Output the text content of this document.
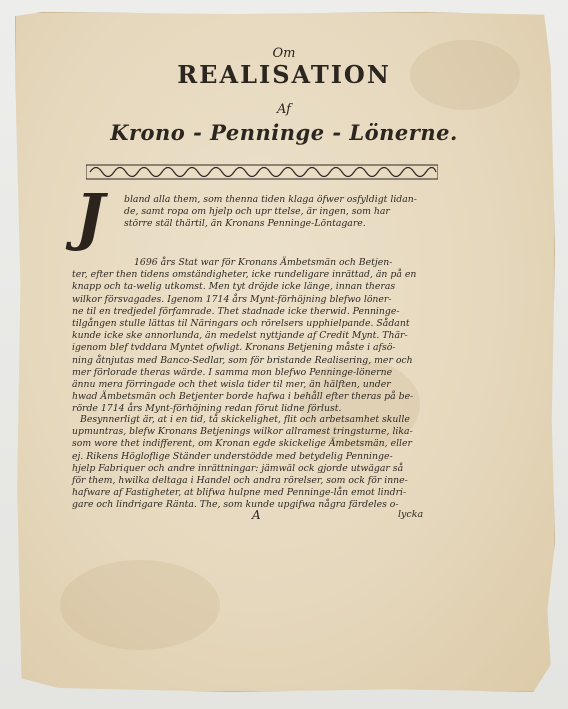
Om
REALISATION
Af
Krono - Penninge - Lönerne.
J	bland alla them, som thenna tiden klaga öfwer osfyldigt lidan-
de, samt ropa om hjelp och upr ttelse, är ingen, som har
större stäl thärtil, än Kronans Penninge-Löntagare.
1696 års Stat war för Kronans Ämbetsmän och Betjen-
ter, efter then tidens omständigheter, icke rundeligare inrättad, än på en
knapp och ta-welig utkomst. Men tyt dröjde icke länge, innan theras
wilkor försvagades. Igenom 1714 års Mynt-förhöjning blefwo löner-
ne til en tredjedel förfamrade. Thet stadnade icke therwid. Penninge-
tilgången stulle lättas til Näringars och rörelsers upphielpande. Sådant
kunde icke ske annorlunda, än medelst nyttjande af Credit Mynt. Thär-
igenom blef tvddara Myntet ofwligt. Kronans Betjening måste i afsö-
ning åtnjutas med Banco-Sedlar, som för bristande Realisering, mer och
mer förlorade theras wärde. I samma mon blefwo Penninge-lönerne
ännu mera förringade och thet wisla tider til mer, än hälften, under
hwad Ämbetsmän och Betjenter borde hafwa i behåll efter theras på be-
rörde 1714 års Mynt-förhöjning redan förut lidne förlust.
Besynnerligt är, at i en tid, tå skickelighet, flit och arbetsamhet skulle
upmuntras, blefw Kronans Betjenings wilkor allramest tringsturne, lika-
som wore thet indifferent, om Kronan egde skickelige Ämbetsmän, eller
ej. Rikens Högloflige Ständer understödde med betydelig Penninge-
hjelp Fabriquer och andre inrättningar: jämwäl ock gjorde utwägar så
för them, hwilka deltaga i Handel och andra rörelser, som ock för inne-
hafware af Fastigheter, at blifwa hulpne med Penninge-lån emot lindri-
gare och lindrigare Ränta. The, som kunde upgifwa några färdeles o-
A	lycka
